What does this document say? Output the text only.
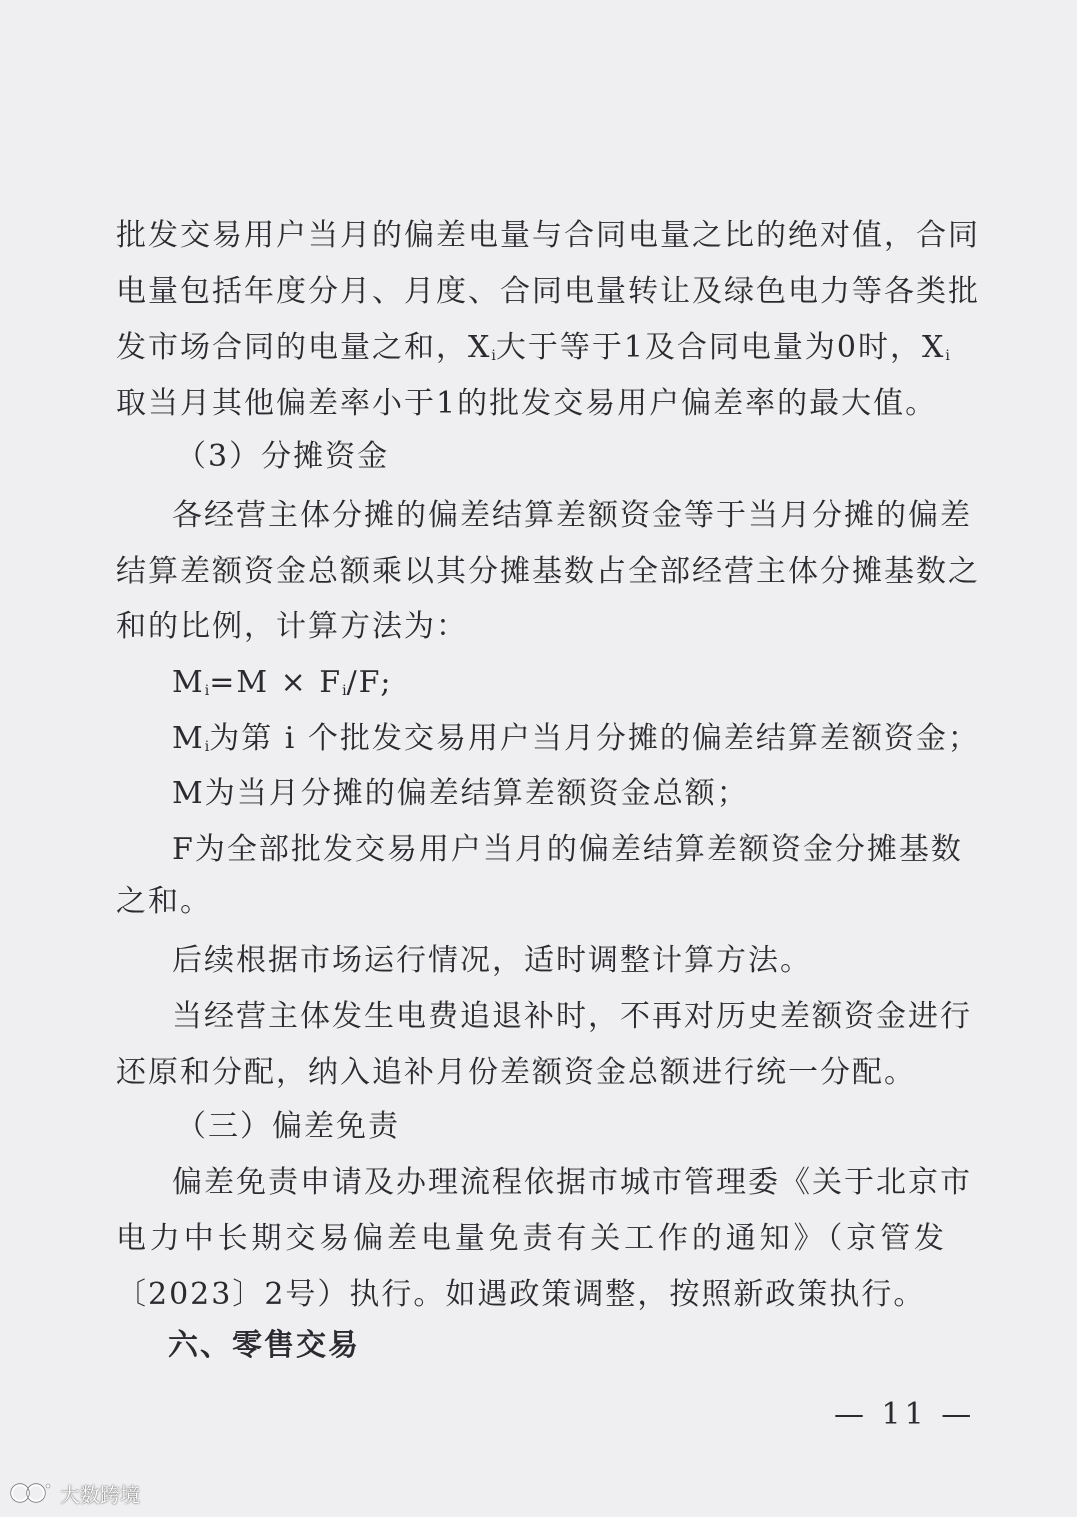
批发交易用户当月的偏差电量与合同电量之比的绝对值，合同
电量包括年度分月、月度、合同电量转让及绿色电力等各类批
发市场合同的电量之和，$X_i$大于等于1及合同电量为0时，$X_i$
取当月其他偏差率小于1的批发交易用户偏差率的最大值。
（3）分摊资金
各经营主体分摊的偏差结算差额资金等于当月分摊的偏差
结算差额资金总额乘以其分摊基数占全部经营主体分摊基数之
和的比例，计算方法为：
$M_i=M \times F_i/F$;
$M_i$为第 i 个批发交易用户当月分摊的偏差结算差额资金；
M为当月分摊的偏差结算差额资金总额；
F为全部批发交易用户当月的偏差结算差额资金分摊基数
之和。
后续根据市场运行情况，适时调整计算方法。
当经营主体发生电费追退补时，不再对历史差额资金进行
还原和分配，纳入追补月份差额资金总额进行统一分配。
（三）偏差免责
偏差免责申请及办理流程依据市城市管理委《关于北京市
电力中长期交易偏差电量免责有关工作的通知》（京管发
〔2023〕2号）执行。如遇政策调整，按照新政策执行。
六、零售交易
— 11 —
大数跨境
